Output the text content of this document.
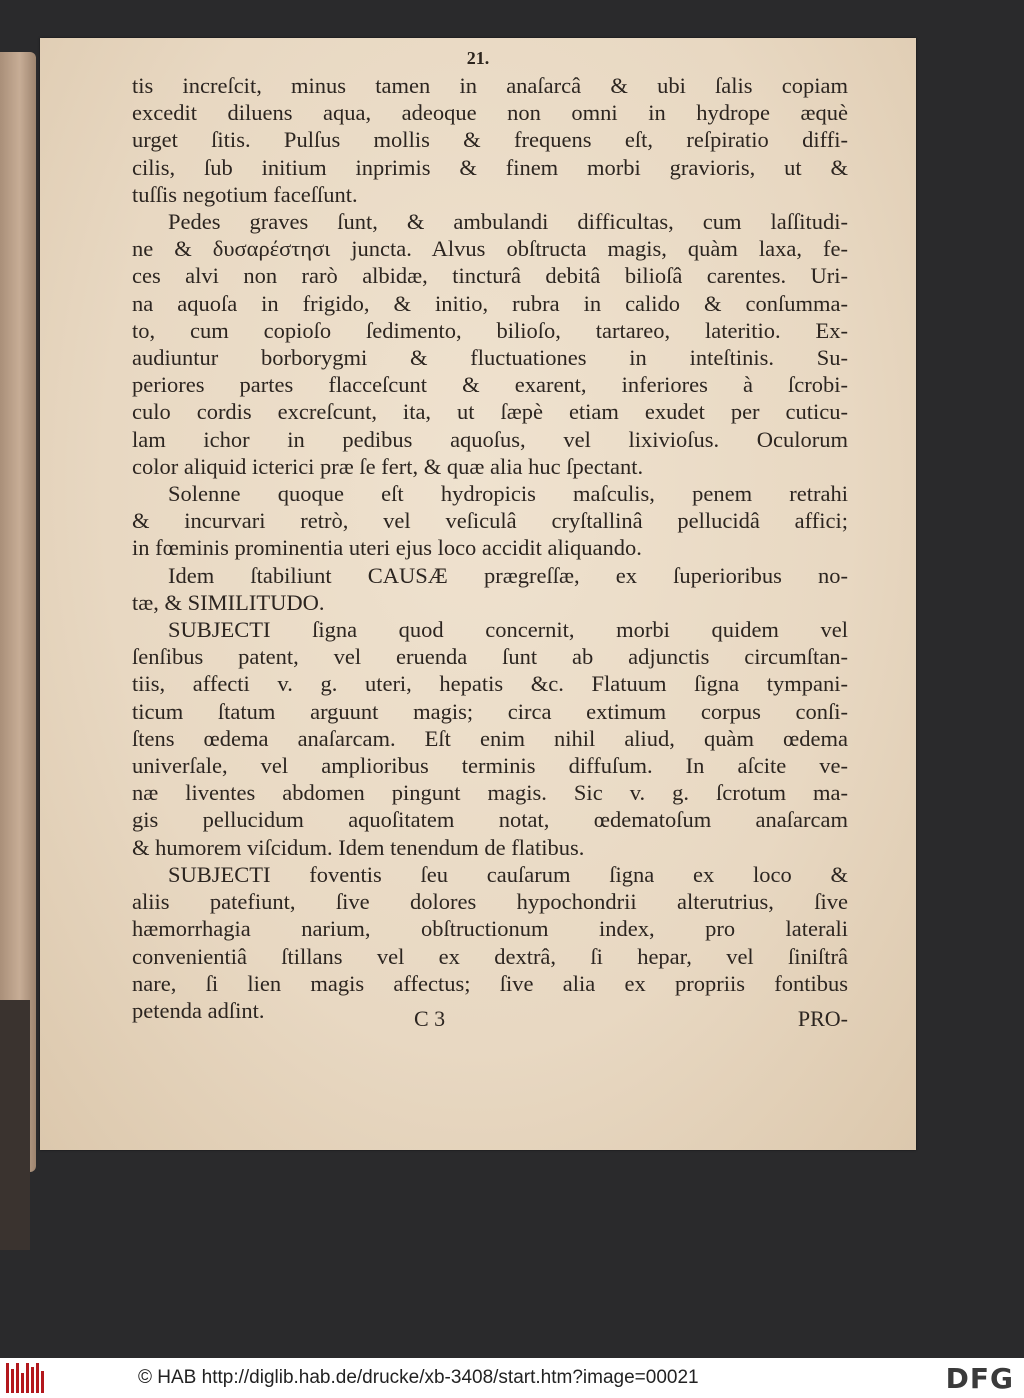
21.
tis increſcit, minus tamen in anaſarcâ & ubi ſalis copiam
excedit diluens aqua, adeoque non omni in hydrope æquè
urget ſitis. Pulſus mollis & frequens eſt, reſpiratio diffi-
cilis, ſub initium inprimis & finem morbi gravioris, ut &
tuſſis negotium faceſſunt.
Pedes graves ſunt, & ambulandi difficultas, cum laſſitudi-
ne & δυσαρέστησι juncta. Alvus obſtructa magis, quàm laxa, fe-
ces alvi non rarò albidæ, tincturâ debitâ bilioſâ carentes. Uri-
na aquoſa in frigido, & initio, rubra in calido & conſumma-
to, cum copioſo ſedimento, bilioſo, tartareo, lateritio. Ex-
audiuntur borborygmi & fluctuationes in inteſtinis. Su-
periores partes flacceſcunt & exarent, inferiores à ſcrobi-
culo cordis excreſcunt, ita, ut ſæpè etiam exudet per cuticu-
lam ichor in pedibus aquoſus, vel lixivioſus. Oculorum
color aliquid icterici præ ſe fert, & quæ alia huc ſpectant.
Solenne quoque eſt hydropicis maſculis, penem retrahi
& incurvari retrò, vel veſiculâ cryſtallinâ pellucidâ affici;
in fœminis prominentia uteri ejus loco accidit aliquando.
Idem ſtabiliunt CAUSÆ prægreſſæ, ex ſuperioribus no-
tæ, & SIMILITUDO.
SUBJECTI ſigna quod concernit, morbi quidem vel
ſenſibus patent, vel eruenda ſunt ab adjunctis circumſtan-
tiis, affecti v. g. uteri, hepatis &c. Flatuum ſigna tympani-
ticum ſtatum arguunt magis; circa extimum corpus conſi-
ſtens œdema anaſarcam. Eſt enim nihil aliud, quàm œdema
univerſale, vel amplioribus terminis diffuſum. In aſcite ve-
næ liventes abdomen pingunt magis. Sic v. g. ſcrotum ma-
gis pellucidum aquoſitatem notat, œdematoſum anaſarcam
& humorem viſcidum. Idem tenendum de flatibus.
SUBJECTI foventis ſeu cauſarum ſigna ex loco &
aliis patefiunt, ſive dolores hypochondrii alterutrius, ſive
hæmorrhagia narium, obſtructionum index, pro laterali
convenientiâ ſtillans vel ex dextrâ, ſi hepar, vel ſiniſtrâ
nare, ſi lien magis affectus; ſive alia ex propriis fontibus
petenda adſint.	C 3	PRO-
© HAB http://diglib.hab.de/drucke/xb-3408/start.htm?image=00021	DFG
